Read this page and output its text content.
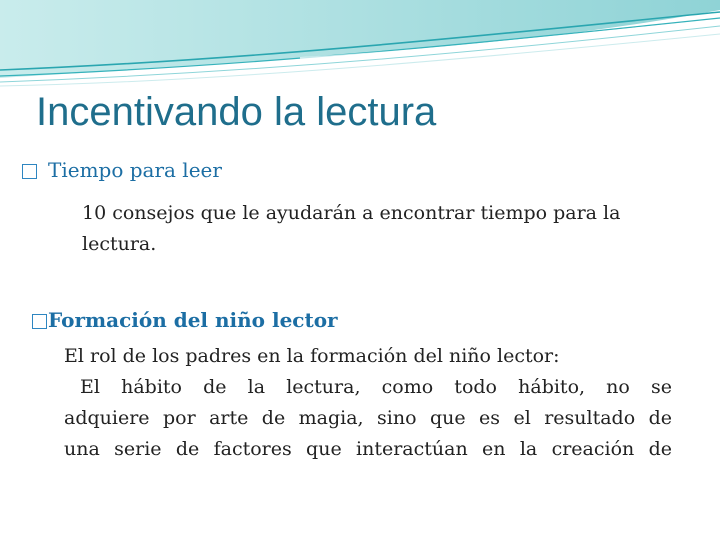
Incentivando la lectura
Tiempo para leer
10 consejos que le ayudarán a encontrar tiempo para la lectura.
Formación del niño lector
El rol de los padres en la formación del niño lector:
El hábito de la lectura, como todo hábito, no se
adquiere por arte de magia, sino que es el resultado de
una serie de factores que interactúan en la creación de
